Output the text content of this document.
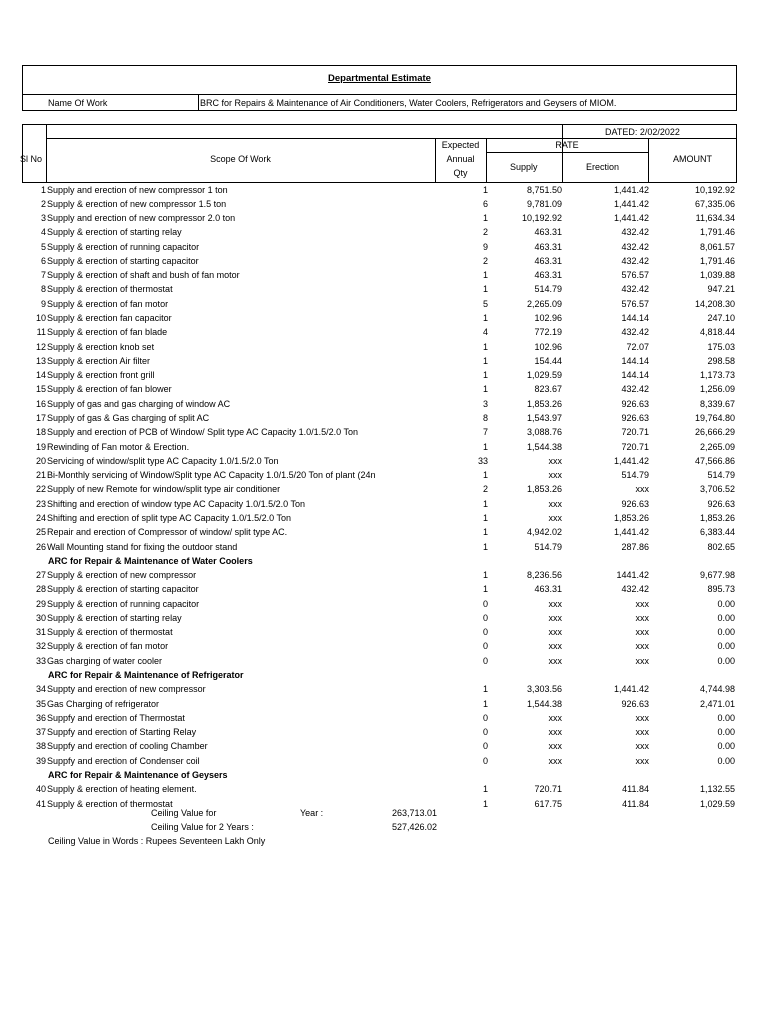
Departmental Estimate
Name Of Work	BRC for Repairs & Maintenance of Air Conditioners, Water Coolers, Refrigerators and Geysers of MIOM.
DATED: 2/02/2022
Sl No	Scope Of Work
Expected
Annual
Qty
RATE
Supply	Erection
AMOUNT
1 Supply and erection of new compressor 1 ton	1	8,751.50	1,441.42	10,192.92
2 Supply & erection of new compressor 1.5 ton	6	9,781.09	1,441.42	67,335.06
3 Supply and erection of new compressor 2.0 ton	1	10,192.92	1,441.42	11,634.34
4 Supply & erection of starting relay	2	463.31	432.42	1,791.46
5 Supply & erection of running capacitor	9	463.31	432.42	8,061.57
6 Supply & erection of starting capacitor	2	463.31	432.42	1,791.46
7 Supply & erection of shaft and bush of fan motor	1	463.31	576.57	1,039.88
8 Supply & erection of thermostat	1	514.79	432.42	947.21
9 Supply & erection of fan motor	5	2,265.09	576.57	14,208.30
10 Supply & erection fan capacitor	1	102.96	144.14	247.10
11 Supply & erection of fan blade	4	772.19	432.42	4,818.44
12 Supply & erection knob set	1	102.96	72.07	175.03
13 Supply & erection Air filter	1	154.44	144.14	298.58
14 Supply & erection front grill	1	1,029.59	144.14	1,173.73
15 Supply & erection of fan blower	1	823.67	432.42	1,256.09
16 Supply of gas and gas charging of window AC	3	1,853.26	926.63	8,339.67
17 Supply of gas & Gas charging of split AC	8	1,543.97	926.63	19,764.80
18 Supply and erection of PCB of Window/ Split type AC Capacity 1.0/1.5/2.0 Ton	7	3,088.76	720.71	26,666.29
19 Rewinding of Fan motor & Erection.	1	1,544.38	720.71	2,265.09
20 Servicing of window/split type AC Capacity 1.0/1.5/2.0 Ton	33	xxx	1,441.42	47,566.86
21 Bi-Monthly servicing of Window/Split type AC Capacity 1.0/1.5/20 Ton of plant (24n	1	xxx	514.79	514.79
22 Supply of new Remote for window/split type air conditioner	2	1,853.26	xxx	3,706.52
23 Shifting and erection of window type AC Capacity 1.0/1.5/2.0 Ton	1	xxx	926.63	926.63
24 Shifting and erection of split type AC Capacity 1.0/1.5/2.0 Ton	1	xxx	1,853.26	1,853.26
25 Repair and erection of Compressor of window/ split type AC.	1	4,942.02	1,441.42	6,383.44
26 Wall Mounting stand for fixing the outdoor stand	1	514.79	287.86	802.65
ARC for Repair & Maintenance of Water Coolers
27 Supply & erection of new compressor	1	8,236.56	1441.42	9,677.98
28 Supply & erection of starting capacitor	1	463.31	432.42	895.73
29 Supply & erection of running capacitor	0	xxx	xxx	0.00
30 Supply & erection of starting relay	0	xxx	xxx	0.00
31 Supply & erection of thermostat	0	xxx	xxx	0.00
32 Supply & erection of fan motor	0	xxx	xxx	0.00
33 Gas charging of water cooler	0	xxx	xxx	0.00
ARC for Repair & Maintenance of Refrigerator
34 Suppty and erection of new compressor	1	3,303.56	1,441.42	4,744.98
35 Gas Charging of refrigerator	1	1,544.38	926.63	2,471.01
36 Suppfy and erection of Thermostat	0	xxx	xxx	0.00
37 Suppfy and erection of Starting Relay	0	xxx	xxx	0.00
38 Suppfy and erection of cooling Chamber	0	xxx	xxx	0.00
39 Suppfy and erection of Condenser coil	0	xxx	xxx	0.00
ARC for Repair & Maintenance of Geysers
40 Supply & erection of heating element.	1	720.71	411.84	1,132.55
41 Supply & erection of thermostat	1	617.75	411.84	1,029.59
Ceiling Value for	Year :	263,713.01
Ceiling Value for 2 Years :	527,426.02
Ceiling Value in Words : Rupees Seventeen Lakh Only
